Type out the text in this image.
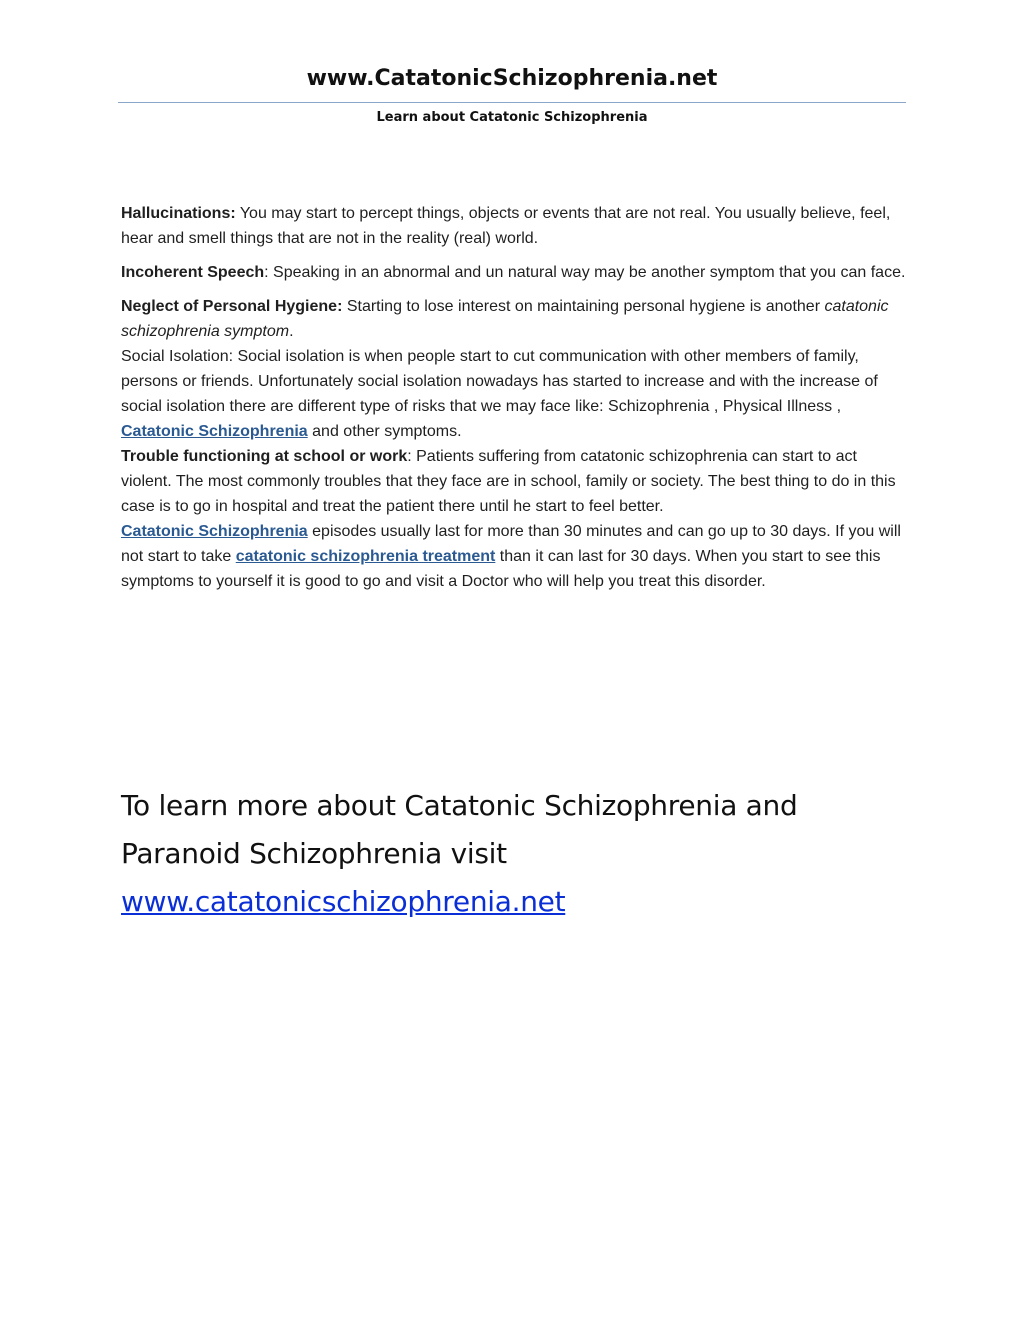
www.CatatonicSchizophrenia.net
Learn about Catatonic Schizophrenia

Hallucinations: You may start to percept things, objects or events that are not real. You usually believe, feel, hear and smell things that are not in the reality (real) world.

Incoherent Speech: Speaking in an abnormal and un natural way may be another symptom that you can face.

Neglect of Personal Hygiene: Starting to lose interest on maintaining personal hygiene is another catatonic schizophrenia symptom.

Social Isolation: Social isolation is when people start to cut communication with other members of family, persons or friends. Unfortunately social isolation nowadays has started to increase and with the increase of social isolation there are different type of risks that we may face like: Schizophrenia , Physical Illness , Catatonic Schizophrenia and other symptoms.

Trouble functioning at school or work: Patients suffering from catatonic schizophrenia can start to act violent. The most commonly troubles that they face are in school, family or society. The best thing to do in this case is to go in hospital and treat the patient there until he start to feel better.
Catatonic Schizophrenia episodes usually last for more than 30 minutes and can go up to 30 days. If you will not start to take catatonic schizophrenia treatment than it can last for 30 days. When you start to see this symptoms to yourself it is good to go and visit a Doctor who will help you treat this disorder.

To learn more about Catatonic Schizophrenia and Paranoid Schizophrenia visit www.catatonicschizophrenia.net
